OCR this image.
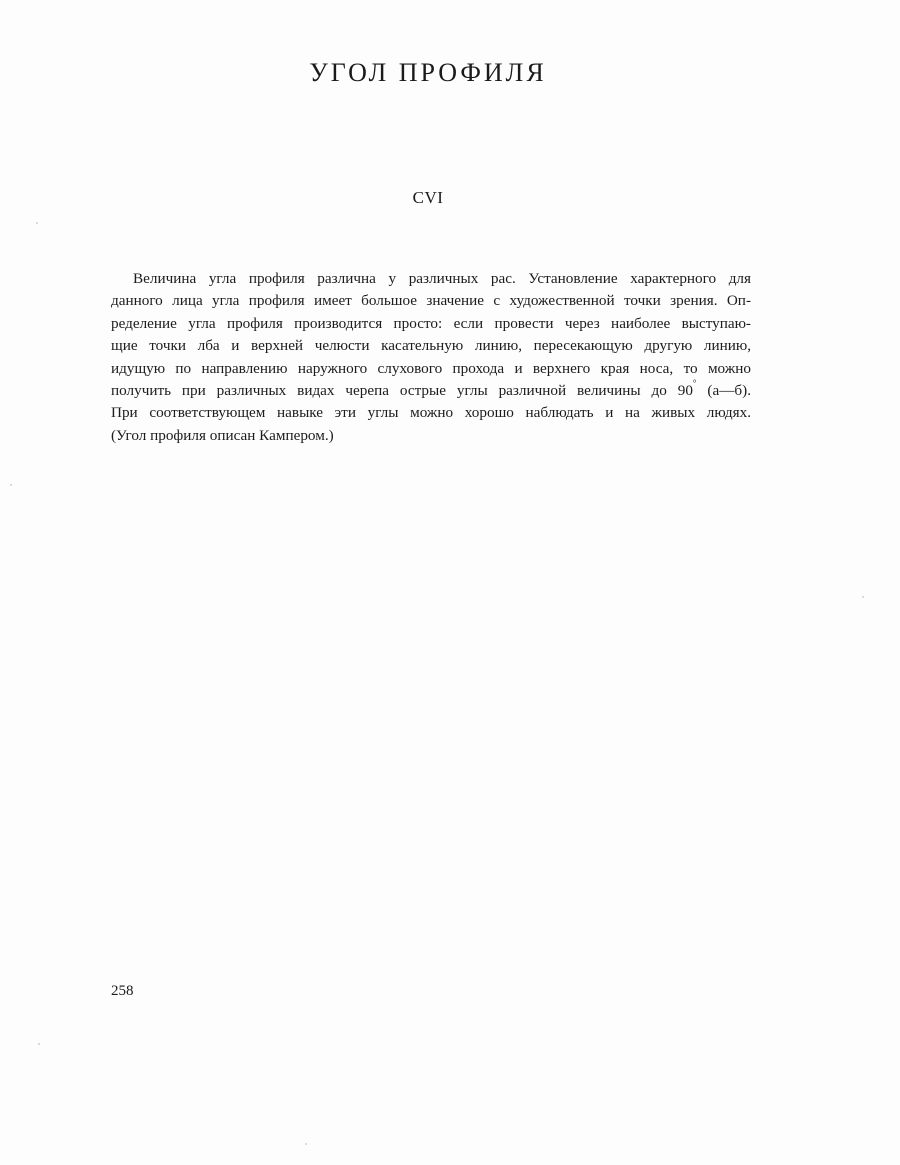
УГОЛ ПРОФИЛЯ
CVI
Величина угла профиля различна у различных рас. Установление характерного для
данного лица угла профиля имеет большое значение с художественной точки зрения. Оп-
ределение угла профиля производится просто: если провести через наиболее выступаю-
щие точки лба и верхней челюсти касательную линию, пересекающую другую линию,
идущую по направлению наружного слухового прохода и верхнего края носа, то можно
получить при различных видах черепа острые углы различной величины до 90° (а—б).
При соответствующем навыке эти углы можно хорошо наблюдать и на живых людях.
(Угол профиля описан Кампером.)
258
